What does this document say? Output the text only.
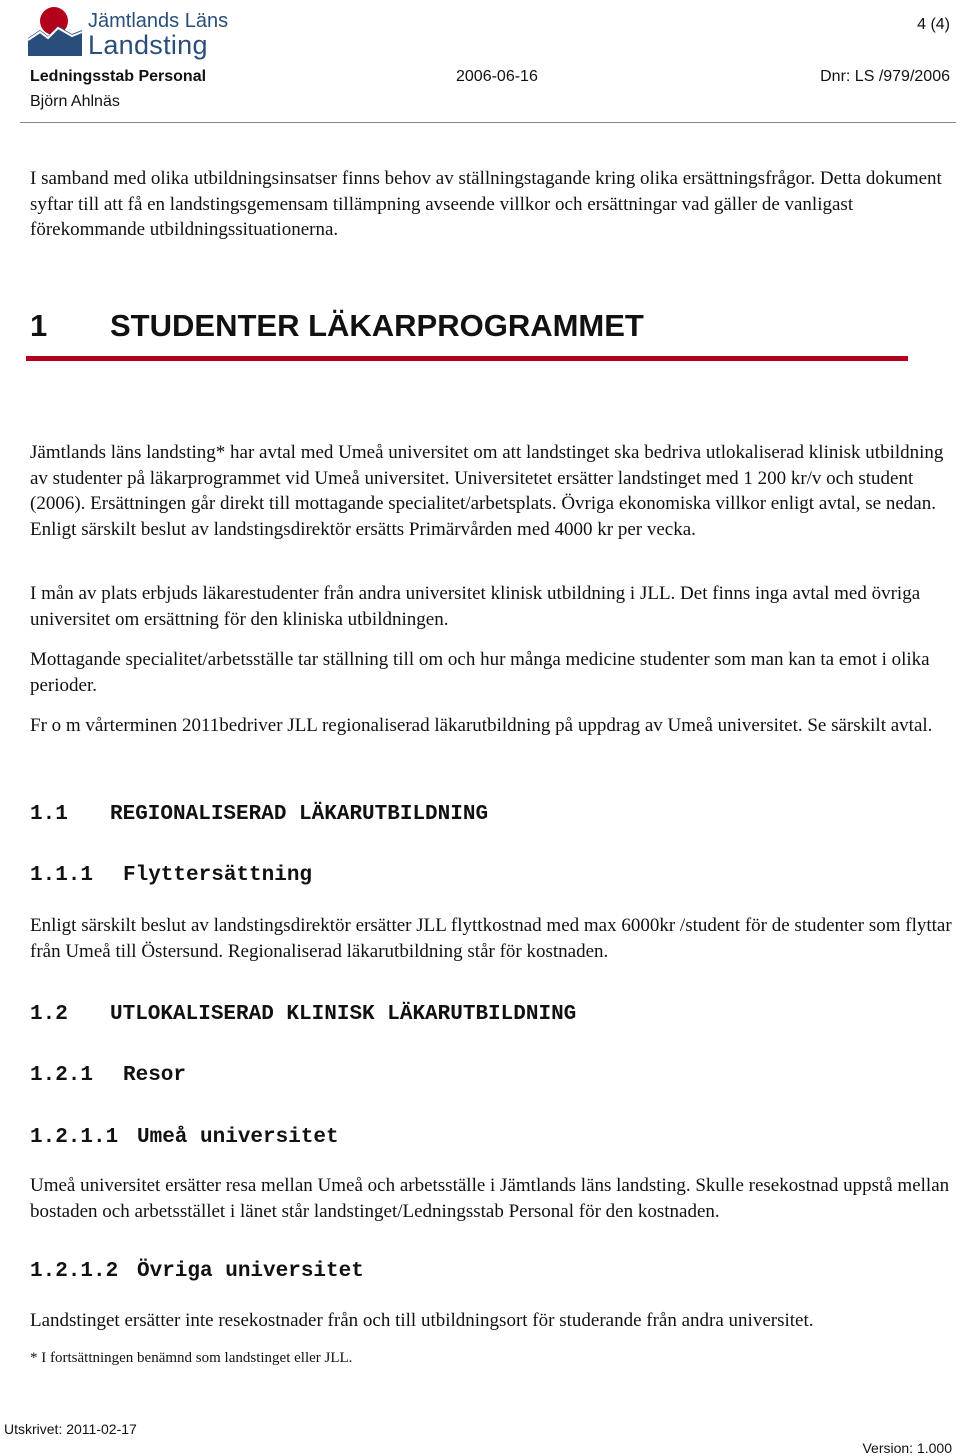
Jämtlands Läns
Landsting
4 (4)
Ledningsstab Personal	2006-06-16	Dnr: LS /979/2006
Björn Ahlnäs
I samband med olika utbildningsinsatser finns behov av ställningstagande kring olika ersättningsfrågor. Detta dokument syftar till att få en landstingsgemensam tillämpning avseende villkor och ersättningar vad gäller de vanligast förekommande utbildningssituationerna.
1 STUDENTER LÄKARPROGRAMMET
Jämtlands läns landsting* har avtal med Umeå universitet om att landstinget ska bedriva utlokaliserad klinisk utbildning av studenter på läkarprogrammet vid Umeå universitet. Universitetet ersätter landstinget med 1 200 kr/v och student (2006). Ersättningen går direkt till mottagande specialitet/arbetsplats. Övriga ekonomiska villkor enligt avtal, se nedan. Enligt särskilt beslut av landstingsdirektör ersätts Primärvården med 4000 kr per vecka.
I mån av plats erbjuds läkarestudenter från andra universitet klinisk utbildning i JLL. Det finns inga avtal med övriga universitet om ersättning för den kliniska utbildningen.
Mottagande specialitet/arbetsställe tar ställning till om och hur många medicine studenter som man kan ta emot i olika perioder.
Fr o m vårterminen 2011bedriver JLL regionaliserad läkarutbildning på uppdrag av Umeå universitet. Se särskilt avtal.
1.1 REGIONALISERAD LÄKARUTBILDNING
1.1.1 Flyttersättning
Enligt särskilt beslut av landstingsdirektör ersätter JLL flyttkostnad med max 6000kr /student för de studenter som flyttar från Umeå till Östersund. Regionaliserad läkarutbildning står för kostnaden.
1.2 UTLOKALISERAD KLINISK LÄKARUTBILDNING
1.2.1 Resor
1.2.1.1 Umeå universitet
Umeå universitet ersätter resa mellan Umeå och arbetsställe i Jämtlands läns landsting. Skulle resekostnad uppstå mellan bostaden och arbetsstället i länet står landstinget/Ledningsstab Personal för den kostnaden.
1.2.1.2 Övriga universitet
Landstinget ersätter inte resekostnader från och till utbildningsort för studerande från andra universitet.
* I fortsättningen benämnd som landstinget eller JLL.
Utskrivet: 2011-02-17
Version: 1.000
